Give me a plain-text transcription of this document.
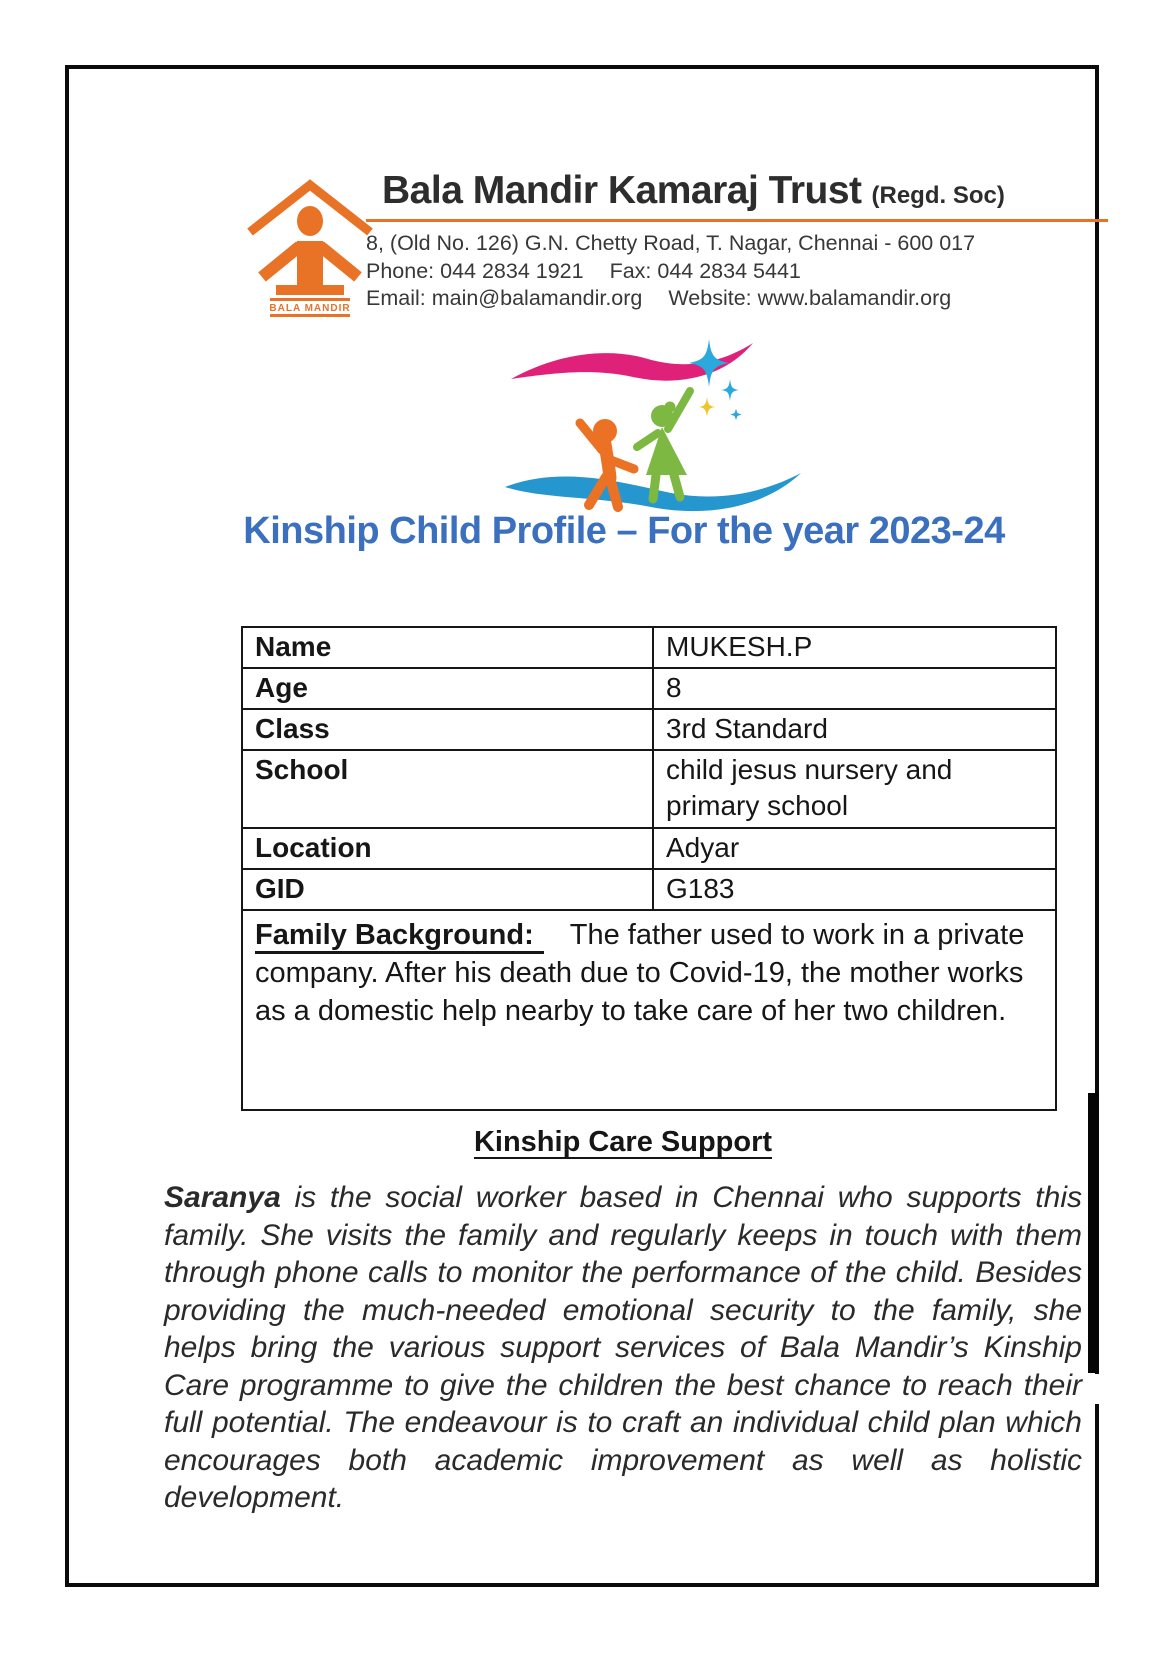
BALA MANDIR
Bala Mandir Kamaraj Trust (Regd. Soc)
8, (Old No. 126) G.N. Chetty Road, T. Nagar, Chennai - 600 017
Phone: 044 2834 1921 Fax: 044 2834 5441
Email: main@balamandir.org Website: www.balamandir.org
Kinship Child Profile – For the year 2023-24
Name	MUKESH.P
Age	8
Class	3rd Standard
School	child jesus nursery and primary school
Location	Adyar
GID	G183
Family Background: The father used to work in a private company. After his death due to Covid-19, the mother works as a domestic help nearby to take care of her two children.	
Kinship Care Support
Saranya is the social worker based in Chennai who supports this family. She visits the family and regularly keeps in touch with them through phone calls to monitor the performance of the child. Besides providing the much-needed emotional security to the family, she helps bring the various support services of Bala Mandir’s Kinship Care programme to give the children the best chance to reach their full potential. The endeavour is to craft an individual child plan which encourages both academic improvement as well as holistic development.
